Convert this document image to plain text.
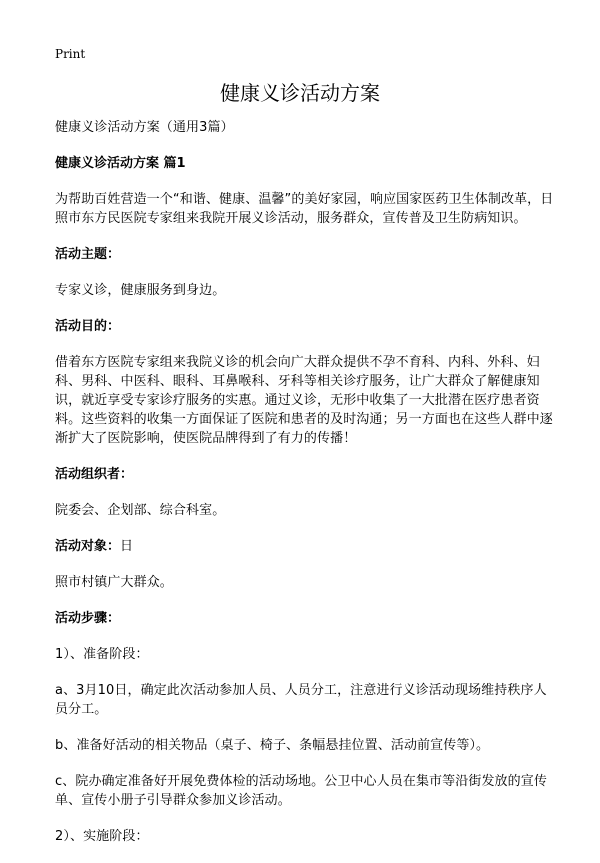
Print
健康义诊活动方案
健康义诊活动方案（通用3篇）
健康义诊活动方案 篇1
为帮助百姓营造一个“和谐、健康、温馨”的美好家园，响应国家医药卫生体制改革，日照市东方民医院专家组来我院开展义诊活动，服务群众，宣传普及卫生防病知识。
活动主题：
专家义诊，健康服务到身边。
活动目的：
借着东方医院专家组来我院义诊的机会向广大群众提供不孕不育科、内科、外科、妇科、男科、中医科、眼科、耳鼻喉科、牙科等相关诊疗服务，让广大群众了解健康知识，就近享受专家诊疗服务的实惠。通过义诊，无形中收集了一大批潜在医疗患者资料。这些资料的收集一方面保证了医院和患者的及时沟通；另一方面也在这些人群中逐渐扩大了医院影响，使医院品牌得到了有力的传播！
活动组织者：
院委会、企划部、综合科室。
活动对象：日
照市村镇广大群众。
活动步骤：
1）、准备阶段：
a、3月10日，确定此次活动参加人员、人员分工，注意进行义诊活动现场维持秩序人员分工。
b、准备好活动的相关物品（桌子、椅子、条幅悬挂位置、活动前宣传等）。
c、院办确定准备好开展免费体检的活动场地。公卫中心人员在集市等沿街发放的宣传单、宣传小册子引导群众参加义诊活动。
2）、实施阶段：
